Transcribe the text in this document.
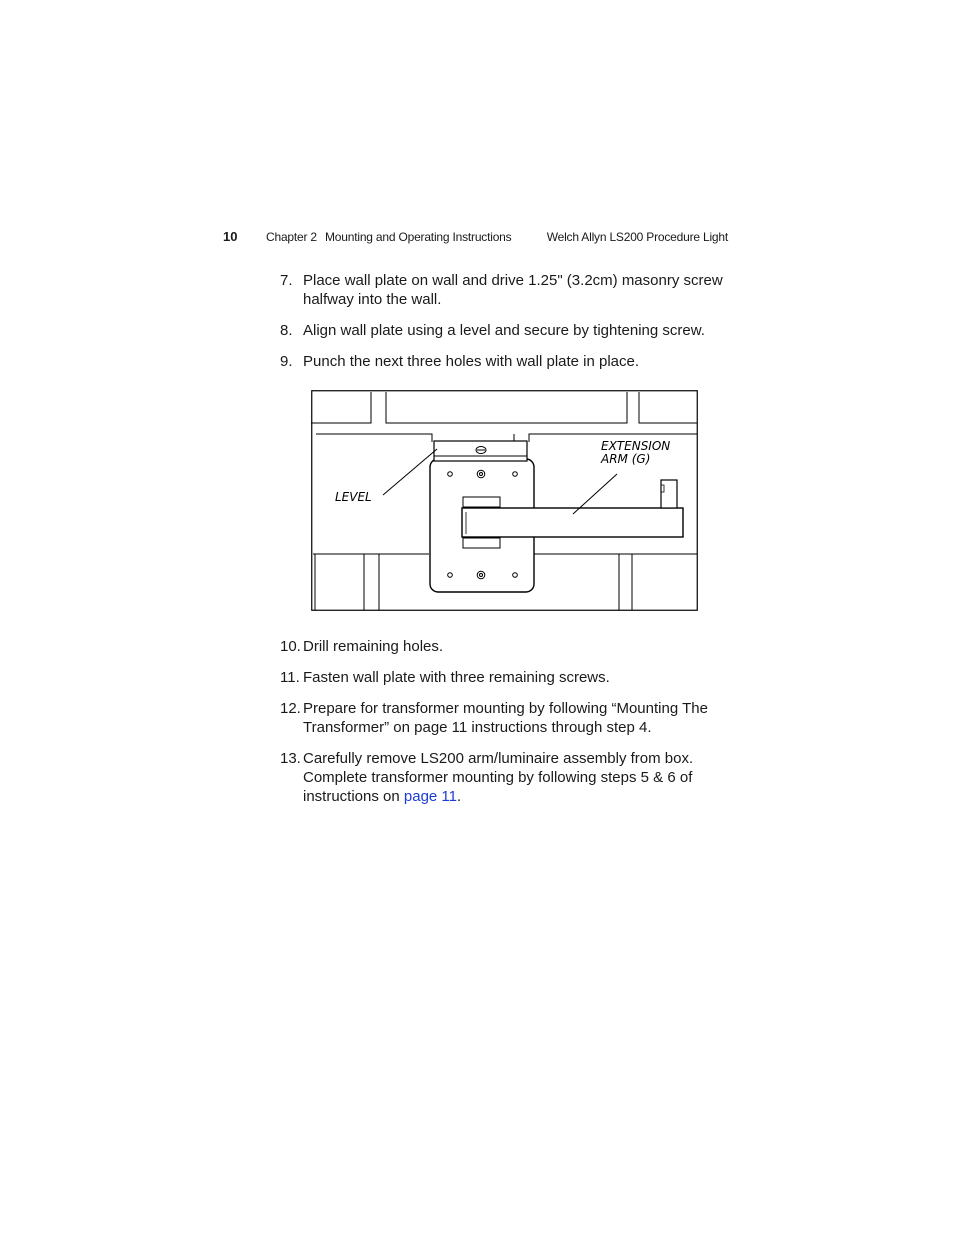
10 Chapter 2 Mounting and Operating Instructions	Welch Allyn LS200 Procedure Light
7. Place wall plate on wall and drive 1.25" (3.2cm) masonry screw halfway into the wall.
8. Align wall plate using a level and secure by tightening screw.
9. Punch the next three holes with wall plate in place.
LEVEL
EXTENSION
ARM (G)
10. Drill remaining holes.
11. Fasten wall plate with three remaining screws.
12. Prepare for transformer mounting by following “Mounting The Transformer” on page 11 instructions through step 4.
13. Carefully remove LS200 arm/luminaire assembly from box. Complete transformer mounting by following steps 5 & 6 of instructions on page 11.
